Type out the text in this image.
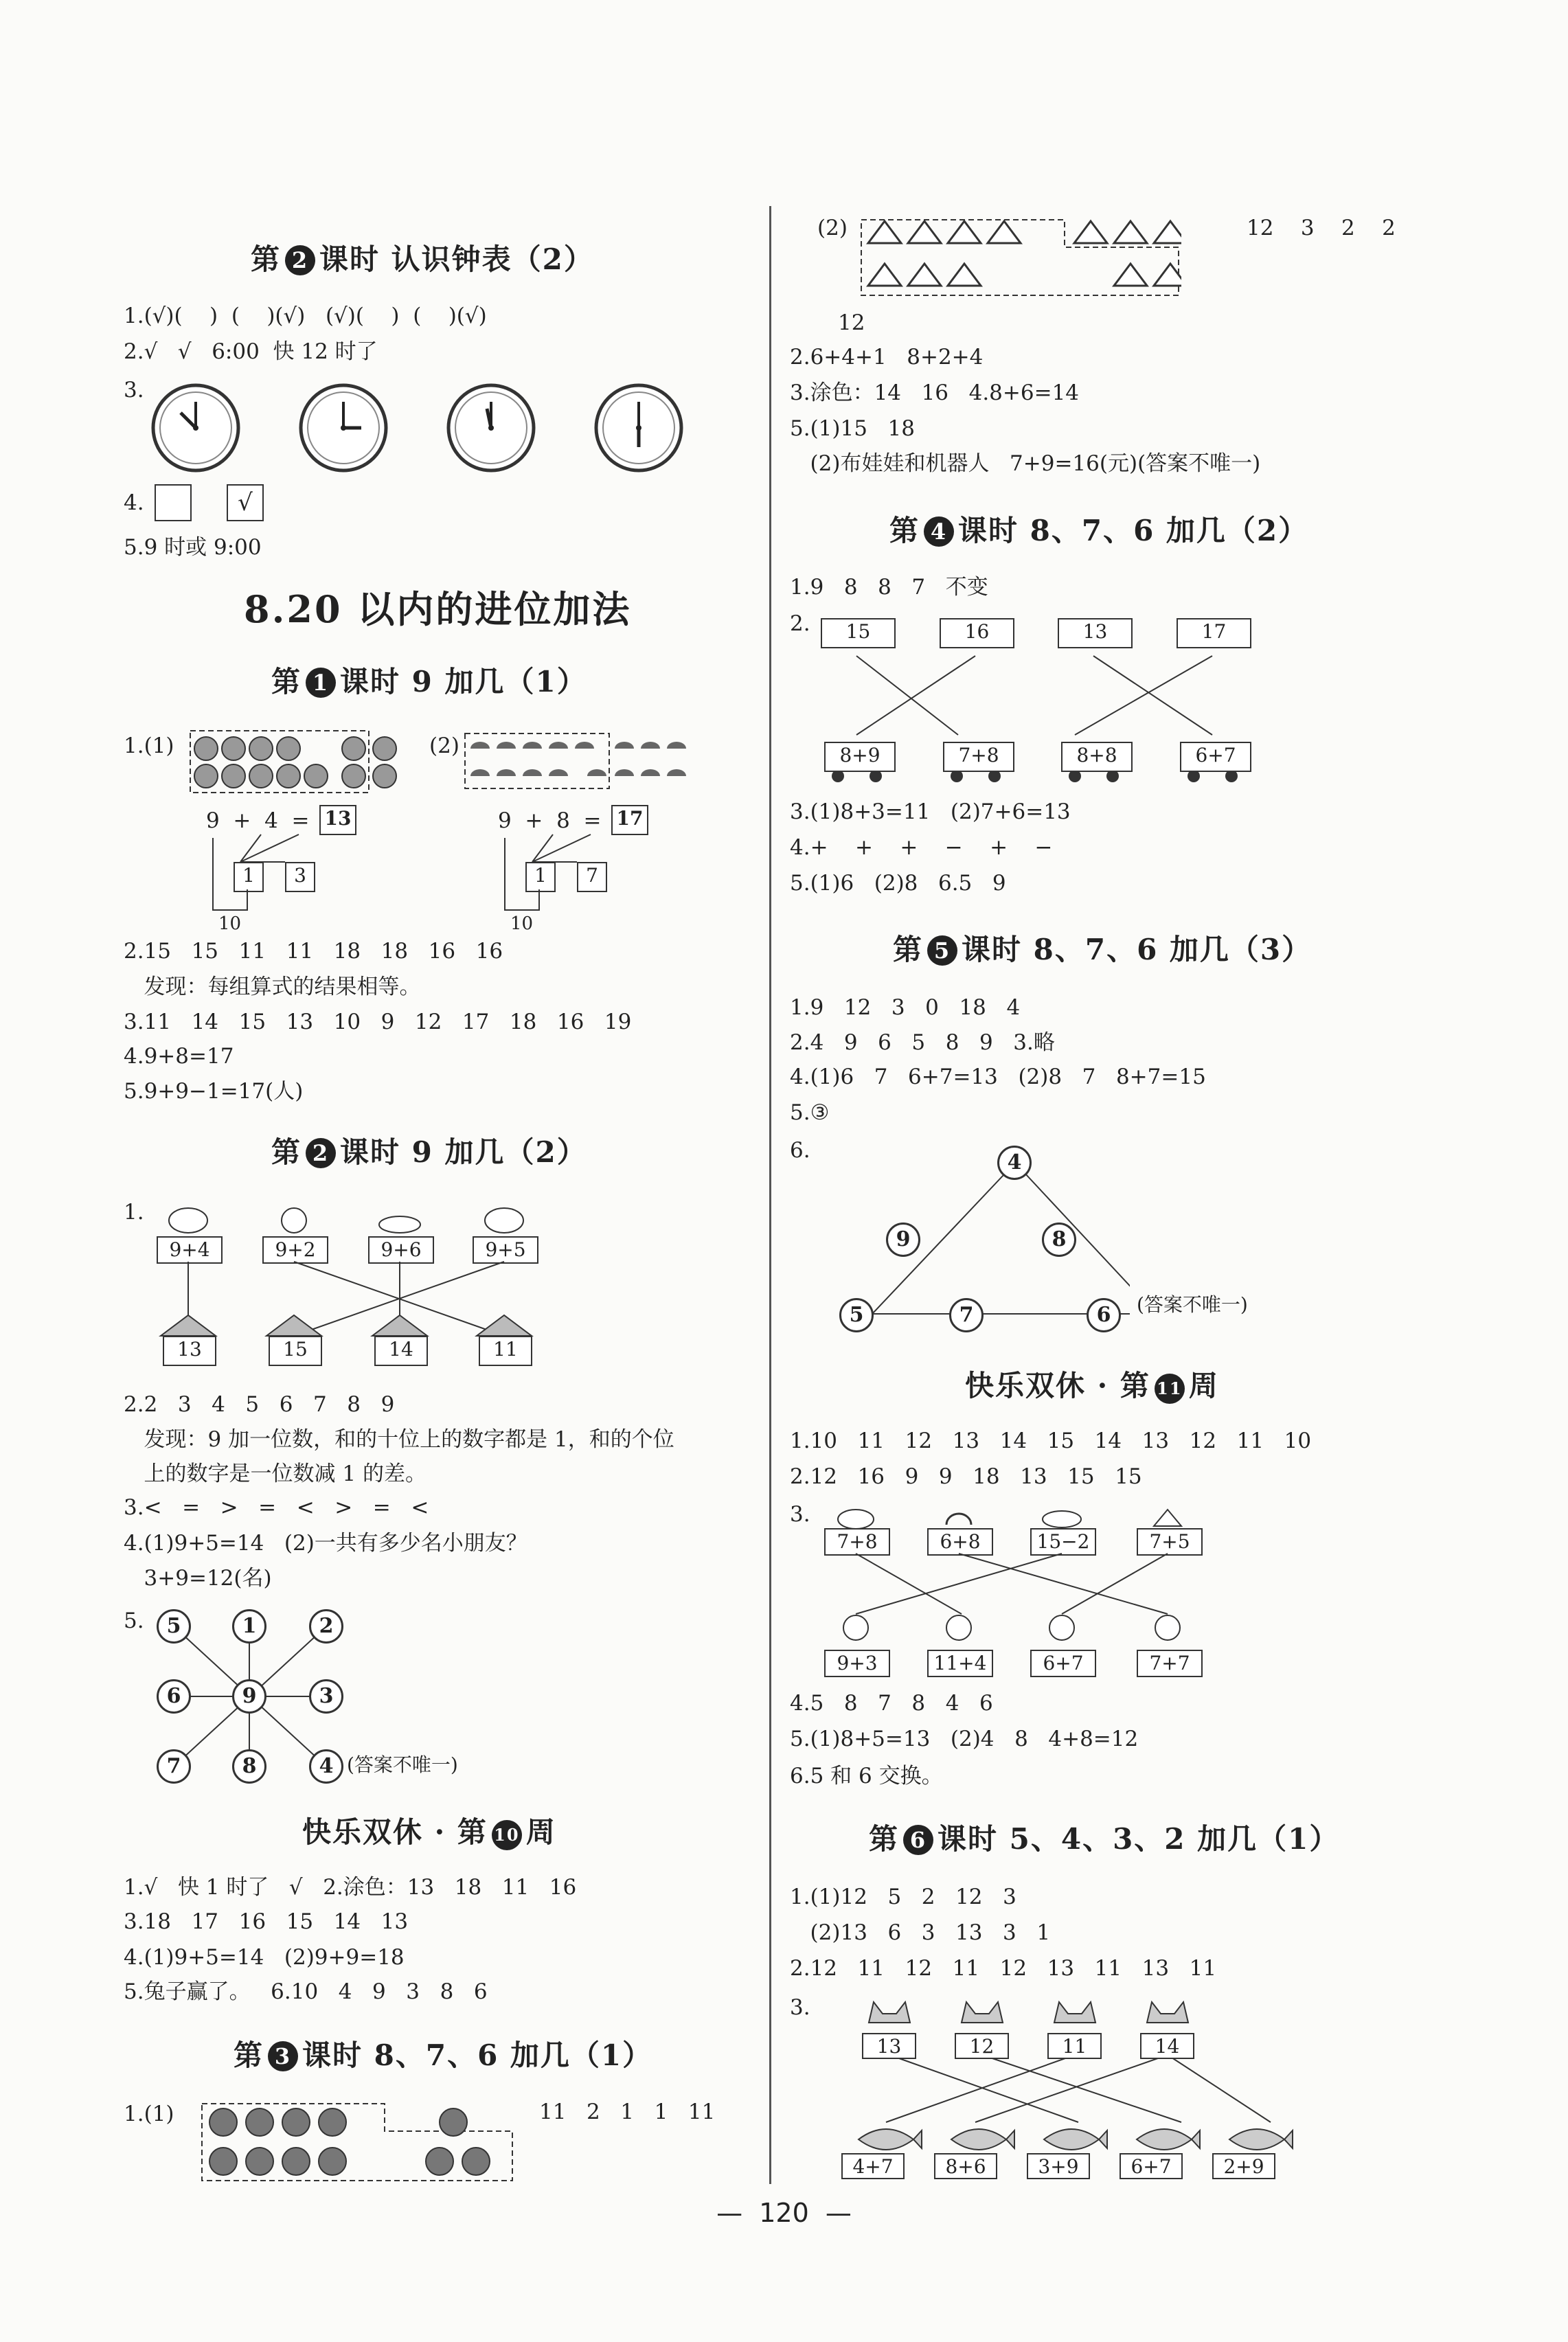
第 2 课时 认识钟表（2）
1.(√)(    )  (    )(√)   (√)(    )  (    )(√)
2.√   √   6:00  快 12 时了
3.
4.	√
5.9 时或 9:00
8.20 以内的进位加法
第 1 课时 9 加几（1）
1.(1)	(2)
9  +  4  = 13
1	3
10
9  +  8  = 17
1	7
10
2.15   15   11   11   18   18   16   16
发现：每组算式的结果相等。
3.11   14   15   13   10   9   12   17   18   16   19
4.9+8=17
5.9+9−1=17(人)
第 2 课时 9 加几（2）
1.
9+4	9+2	9+6	9+5
13	15	14	11
2.2   3   4   5   6   7   8   9
发现：9 加一位数，和的十位上的数字都是 1，和的个位
上的数字是一位数减 1 的差。
3.<   =   >   =   <   >   =   <
4.(1)9+5=14   (2)一共有多少名小朋友？
3+9=12(名)
5.	5	1	2
6	9	3
7	8	4 (答案不唯一)
快乐双休 · 第 10 周
1.√   快 1 时了   √   2.涂色：13   18   11   16
3.18   17   16   15   14   13
4.(1)9+5=14   (2)9+9=18
5.兔子赢了。   6.10   4   9   3   8   6
第 3 课时 8、7、6 加几（1）
1.(1)	11   2   1   1   11
(2)	12    3    2    2
12
2.6+4+1   8+2+4
3.涂色：14   16   4.8+6=14
5.(1)15   18
(2)布娃娃和机器人   7+9=16(元)(答案不唯一)
第 4 课时 8、7、6 加几（2）
1.9   8   8   7   不变
2.	15	16	13	17
8+9	7+8	8+8	6+7
3.(1)8+3=11   (2)7+6=13
4.+    +    +    −    +    −
5.(1)6   (2)8   6.5   9
第 5 课时 8、7、6 加几（3）
1.9   12   3   0   18   4
2.4   9   6   5   8   9   3.略
4.(1)6   7   6+7=13   (2)8   7   8+7=15
5.③
6.	4
9	8
5	7	6	(答案不唯一)
快乐双休 · 第 11 周
1.10   11   12   13   14   15   14   13   12   11   10
2.12   16   9   9   18   13   15   15
3.
7+8	6+8	15−2	7+5
9+3	11+4	6+7	7+7
4.5   8   7   8   4   6
5.(1)8+5=13   (2)4   8   4+8=12
6.5 和 6 交换。
第 6 课时 5、4、3、2 加几（1）
1.(1)12   5   2   12   3
(2)13   6   3   13   3   1
2.12   11   12   11   12   13   11   13   11
3.
13	12	11	14
4+7	8+6	3+9	6+7	2+9
—  120  —
